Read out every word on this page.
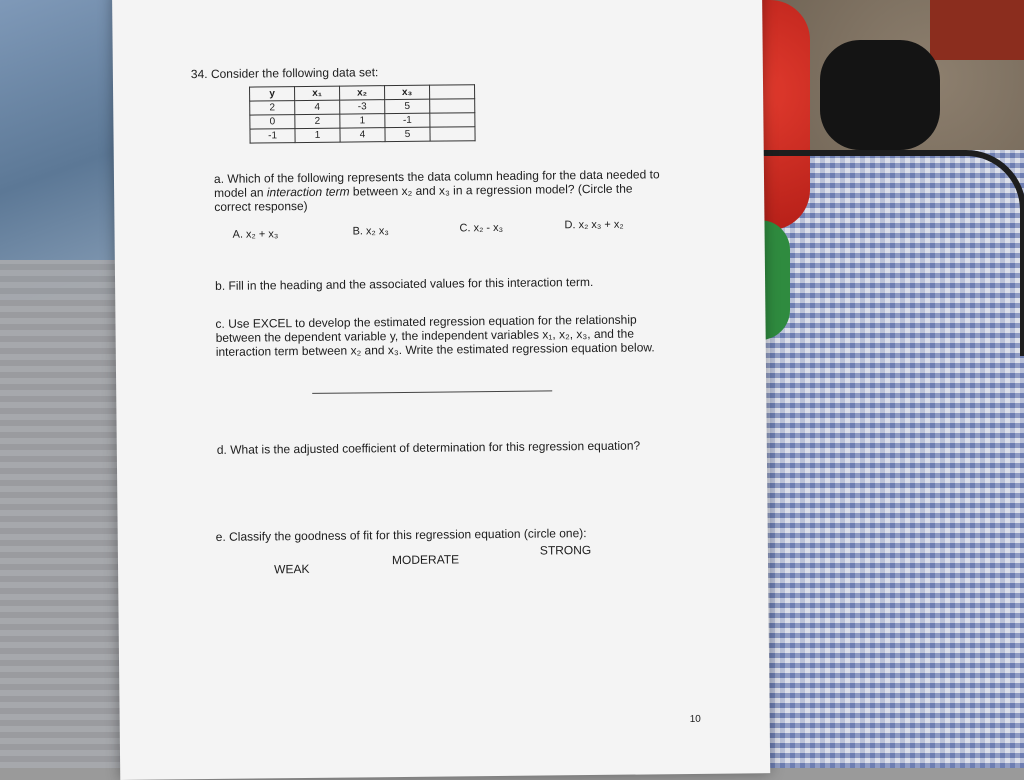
34. Consider the following data set:
y	x₁	x₂	x₃	
2	4	-3	5	
0	2	1	-1	
-1	1	4	5	
a. Which of the following represents the data column heading for the data needed to
model an interaction term between x₂ and x₃ in a regression model? (Circle the
correct response)
A. x₂ + x₃	B. x₂ x₃	C. x₂ - x₃	D. x₂ x₃ + x₂
b. Fill in the heading and the associated values for this interaction term.
c. Use EXCEL to develop the estimated regression equation for the relationship
between the dependent variable y, the independent variables x₁, x₂, x₃, and the
interaction term between x₂ and x₃. Write the estimated regression equation below.
d. What is the adjusted coefficient of determination for this regression equation?
e. Classify the goodness of fit for this regression equation (circle one):
WEAK
MODERATE
STRONG
10
